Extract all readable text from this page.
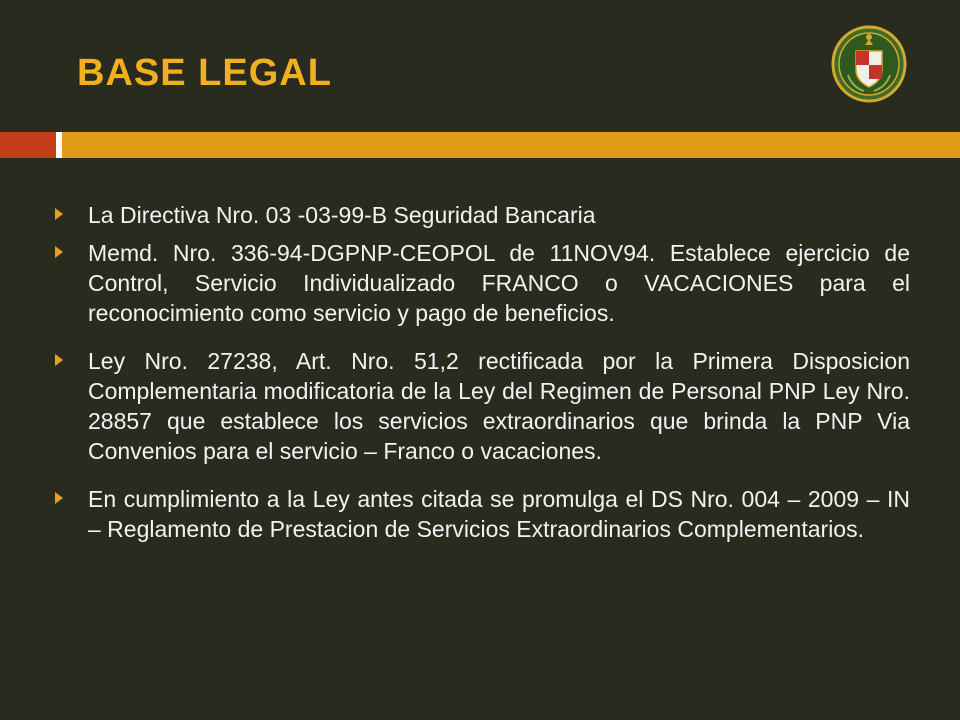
BASE LEGAL
La Directiva Nro. 03 -03-99-B Seguridad Bancaria
Memd. Nro. 336-94-DGPNP-CEOPOL de 11NOV94. Establece ejercicio de Control, Servicio Individualizado FRANCO o VACACIONES para el reconocimiento como servicio y pago de beneficios.
Ley Nro. 27238, Art. Nro. 51,2 rectificada por la Primera Disposicion Complementaria modificatoria de la Ley del Regimen de Personal PNP Ley Nro. 28857 que establece los servicios extraordinarios que brinda la PNP Via Convenios para el servicio – Franco o vacaciones.
En cumplimiento a la Ley antes citada se promulga el DS Nro. 004 – 2009 – IN – Reglamento de Prestacion de Servicios Extraordinarios Complementarios.
